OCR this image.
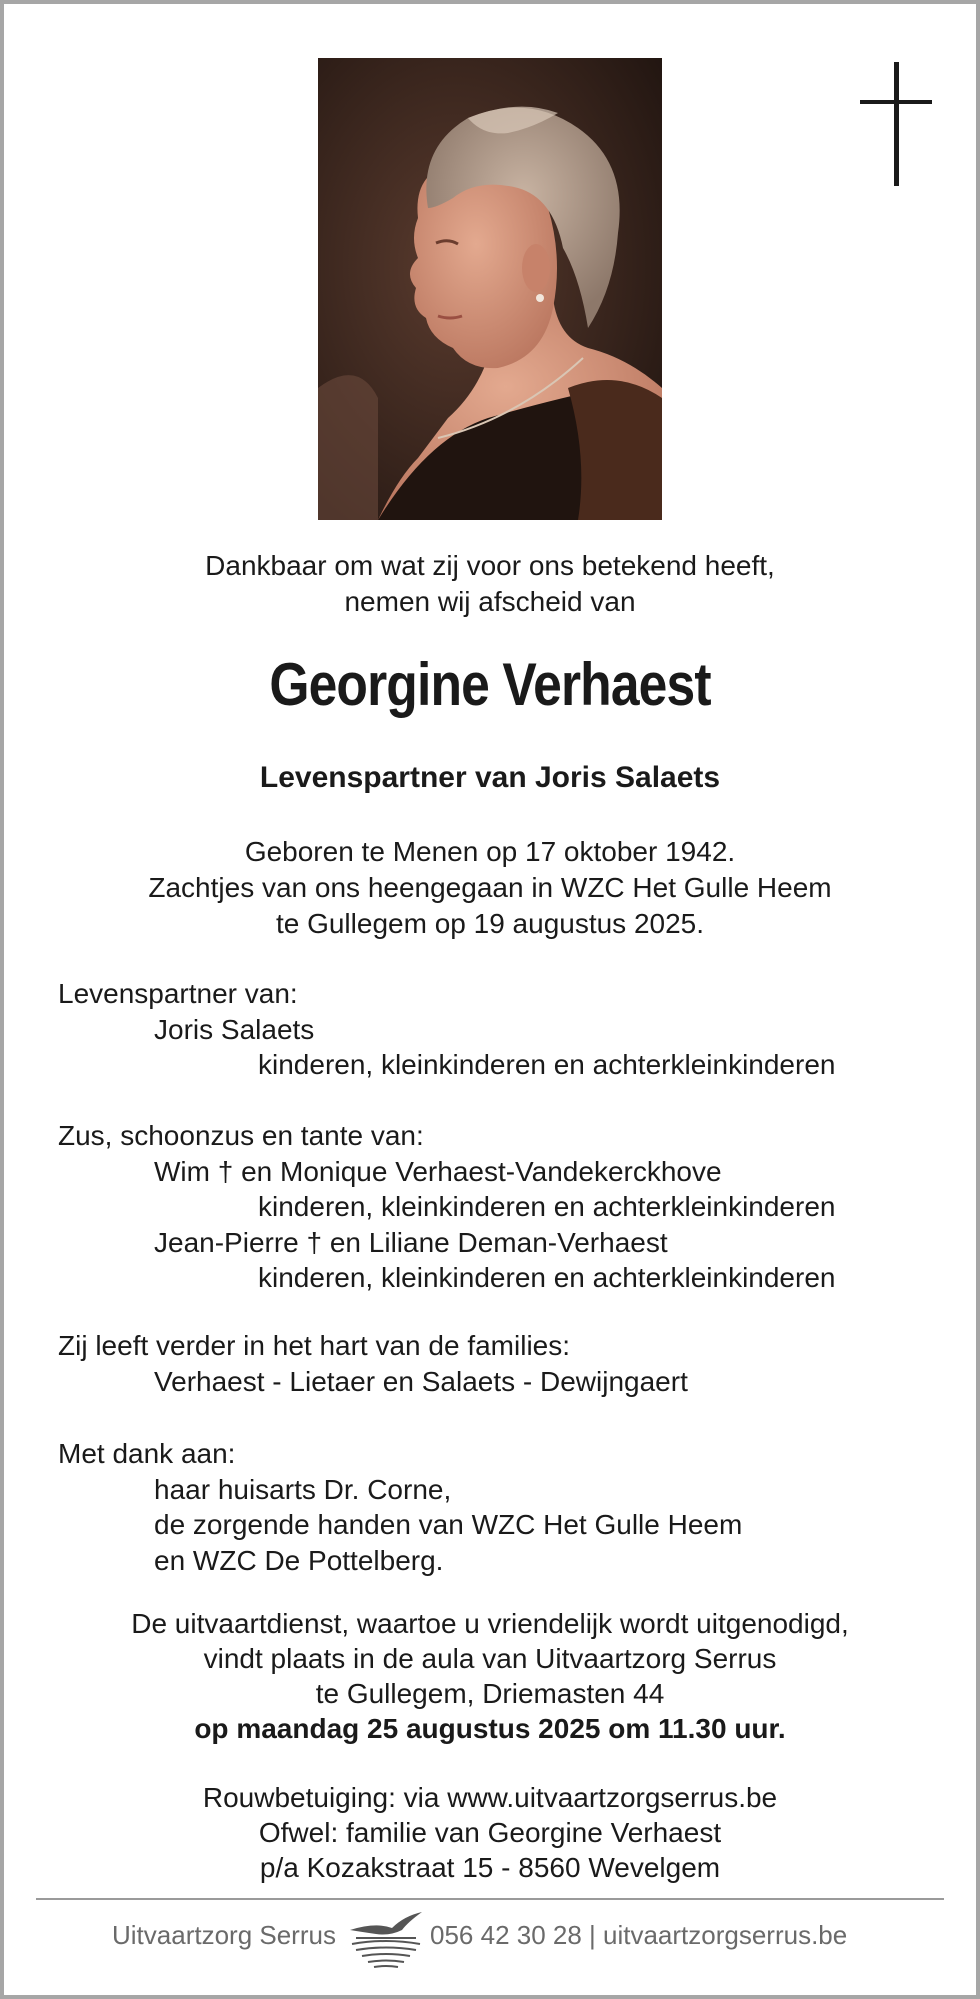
Dankbaar om wat zij voor ons betekend heeft,
nemen wij afscheid van
Georgine Verhaest
Levenspartner van Joris Salaets
Geboren te Menen op 17 oktober 1942.
Zachtjes van ons heengegaan in WZC Het Gulle Heem
te Gullegem op 19 augustus 2025.
Levenspartner van:
Joris Salaets
kinderen, kleinkinderen en achterkleinkinderen
Zus, schoonzus en tante van:
Wim † en Monique Verhaest-Vandekerckhove
kinderen, kleinkinderen en achterkleinkinderen
Jean-Pierre † en Liliane Deman-Verhaest
kinderen, kleinkinderen en achterkleinkinderen
Zij leeft verder in het hart van de families:
Verhaest - Lietaer en Salaets - Dewijngaert
Met dank aan:
haar huisarts Dr. Corne,
de zorgende handen van WZC Het Gulle Heem
en WZC De Pottelberg.
De uitvaartdienst, waartoe u vriendelijk wordt uitgenodigd,
vindt plaats in de aula van Uitvaartzorg Serrus
te Gullegem, Driemasten 44
op maandag 25 augustus 2025 om 11.30 uur.
Rouwbetuiging: via www.uitvaartzorgserrus.be
Ofwel: familie van Georgine Verhaest
p/a Kozakstraat 15 - 8560 Wevelgem
Uitvaartzorg Serrus	056 42 30 28 | uitvaartzorgserrus.be
